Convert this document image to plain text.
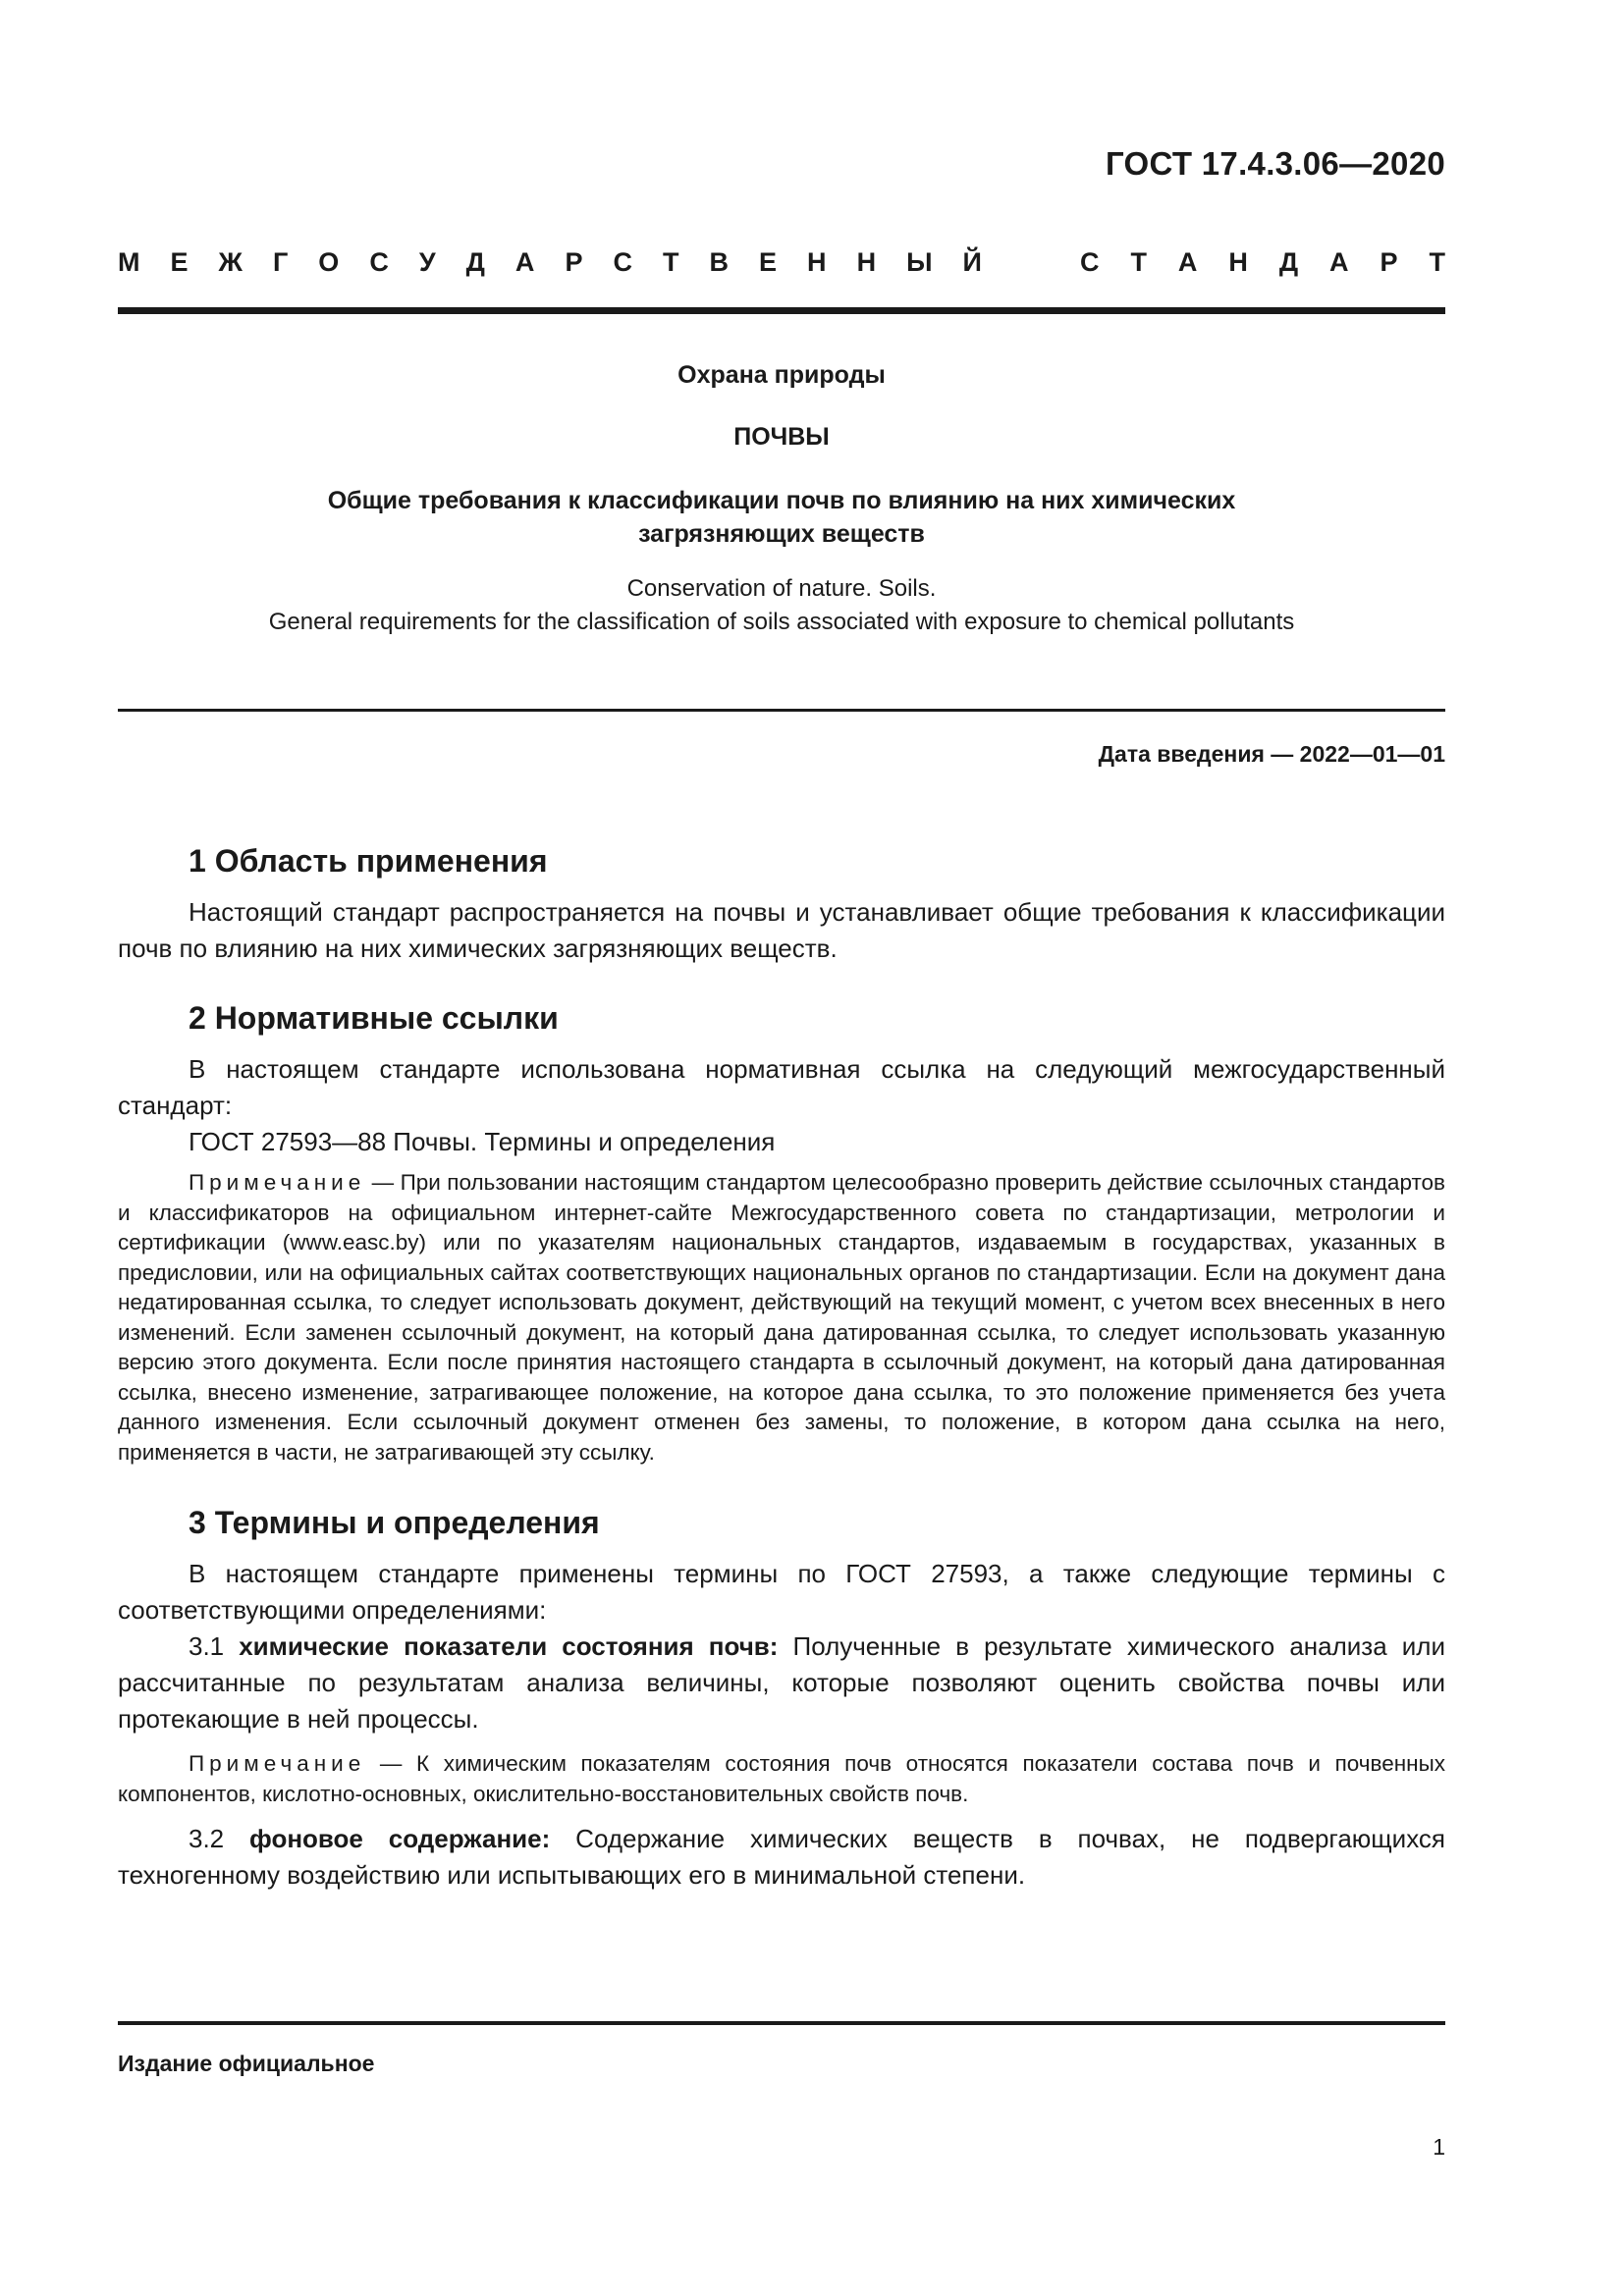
ГОСТ 17.4.3.06—2020
М Е Ж Г О С У Д А Р С Т В Е Н Н Ы Й	С Т А Н Д А Р Т
Охрана природы
ПОЧВЫ
Общие требования к классификации почв по влиянию на них химических
загрязняющих веществ
Conservation of nature. Soils.
General requirements for the classification of soils associated with exposure to chemical pollutants
Дата введения — 2022—01—01
1 Область применения

Настоящий стандарт распространяется на почвы и устанавливает общие требования к классификации почв по влиянию на них химических загрязняющих веществ.

2 Нормативные ссылки

В настоящем стандарте использована нормативная ссылка на следующий межгосударственный стандарт:

ГОСТ 27593—88 Почвы. Термины и определения

Примечание — При пользовании настоящим стандартом целесообразно проверить действие ссылочных стандартов и классификаторов на официальном интернет-сайте Межгосударственного совета по стандартизации, метрологии и сертификации (www.easc.by) или по указателям национальных стандартов, издаваемым в государствах, указанных в предисловии, или на официальных сайтах соответствующих национальных органов по стандартизации. Если на документ дана недатированная ссылка, то следует использовать документ, действующий на текущий момент, с учетом всех внесенных в него изменений. Если заменен ссылочный документ, на который дана датированная ссылка, то следует использовать указанную версию этого документа. Если после принятия настоящего стандарта в ссылочный документ, на который дана датированная ссылка, внесено изменение, затрагивающее положение, на которое дана ссылка, то это положение применяется без учета данного изменения. Если ссылочный документ отменен без замены, то положение, в котором дана ссылка на него, применяется в части, не затрагивающей эту ссылку.
3 Термины и определения

В настоящем стандарте применены термины по ГОСТ 27593, а также следующие термины с соответствующими определениями:

3.1 химические показатели состояния почв: Полученные в результате химического анализа или рассчитанные по результатам анализа величины, которые позволяют оценить свойства почвы или протекающие в ней процессы.

Примечание — К химическим показателям состояния почв относятся показатели состава почв и почвенных компонентов, кислотно-основных, окислительно-восстановительных свойств почв.

3.2 фоновое содержание: Содержание химических веществ в почвах, не подвергающихся техногенному воздействию или испытывающих его в минимальной степени.

Издание официальное
1
